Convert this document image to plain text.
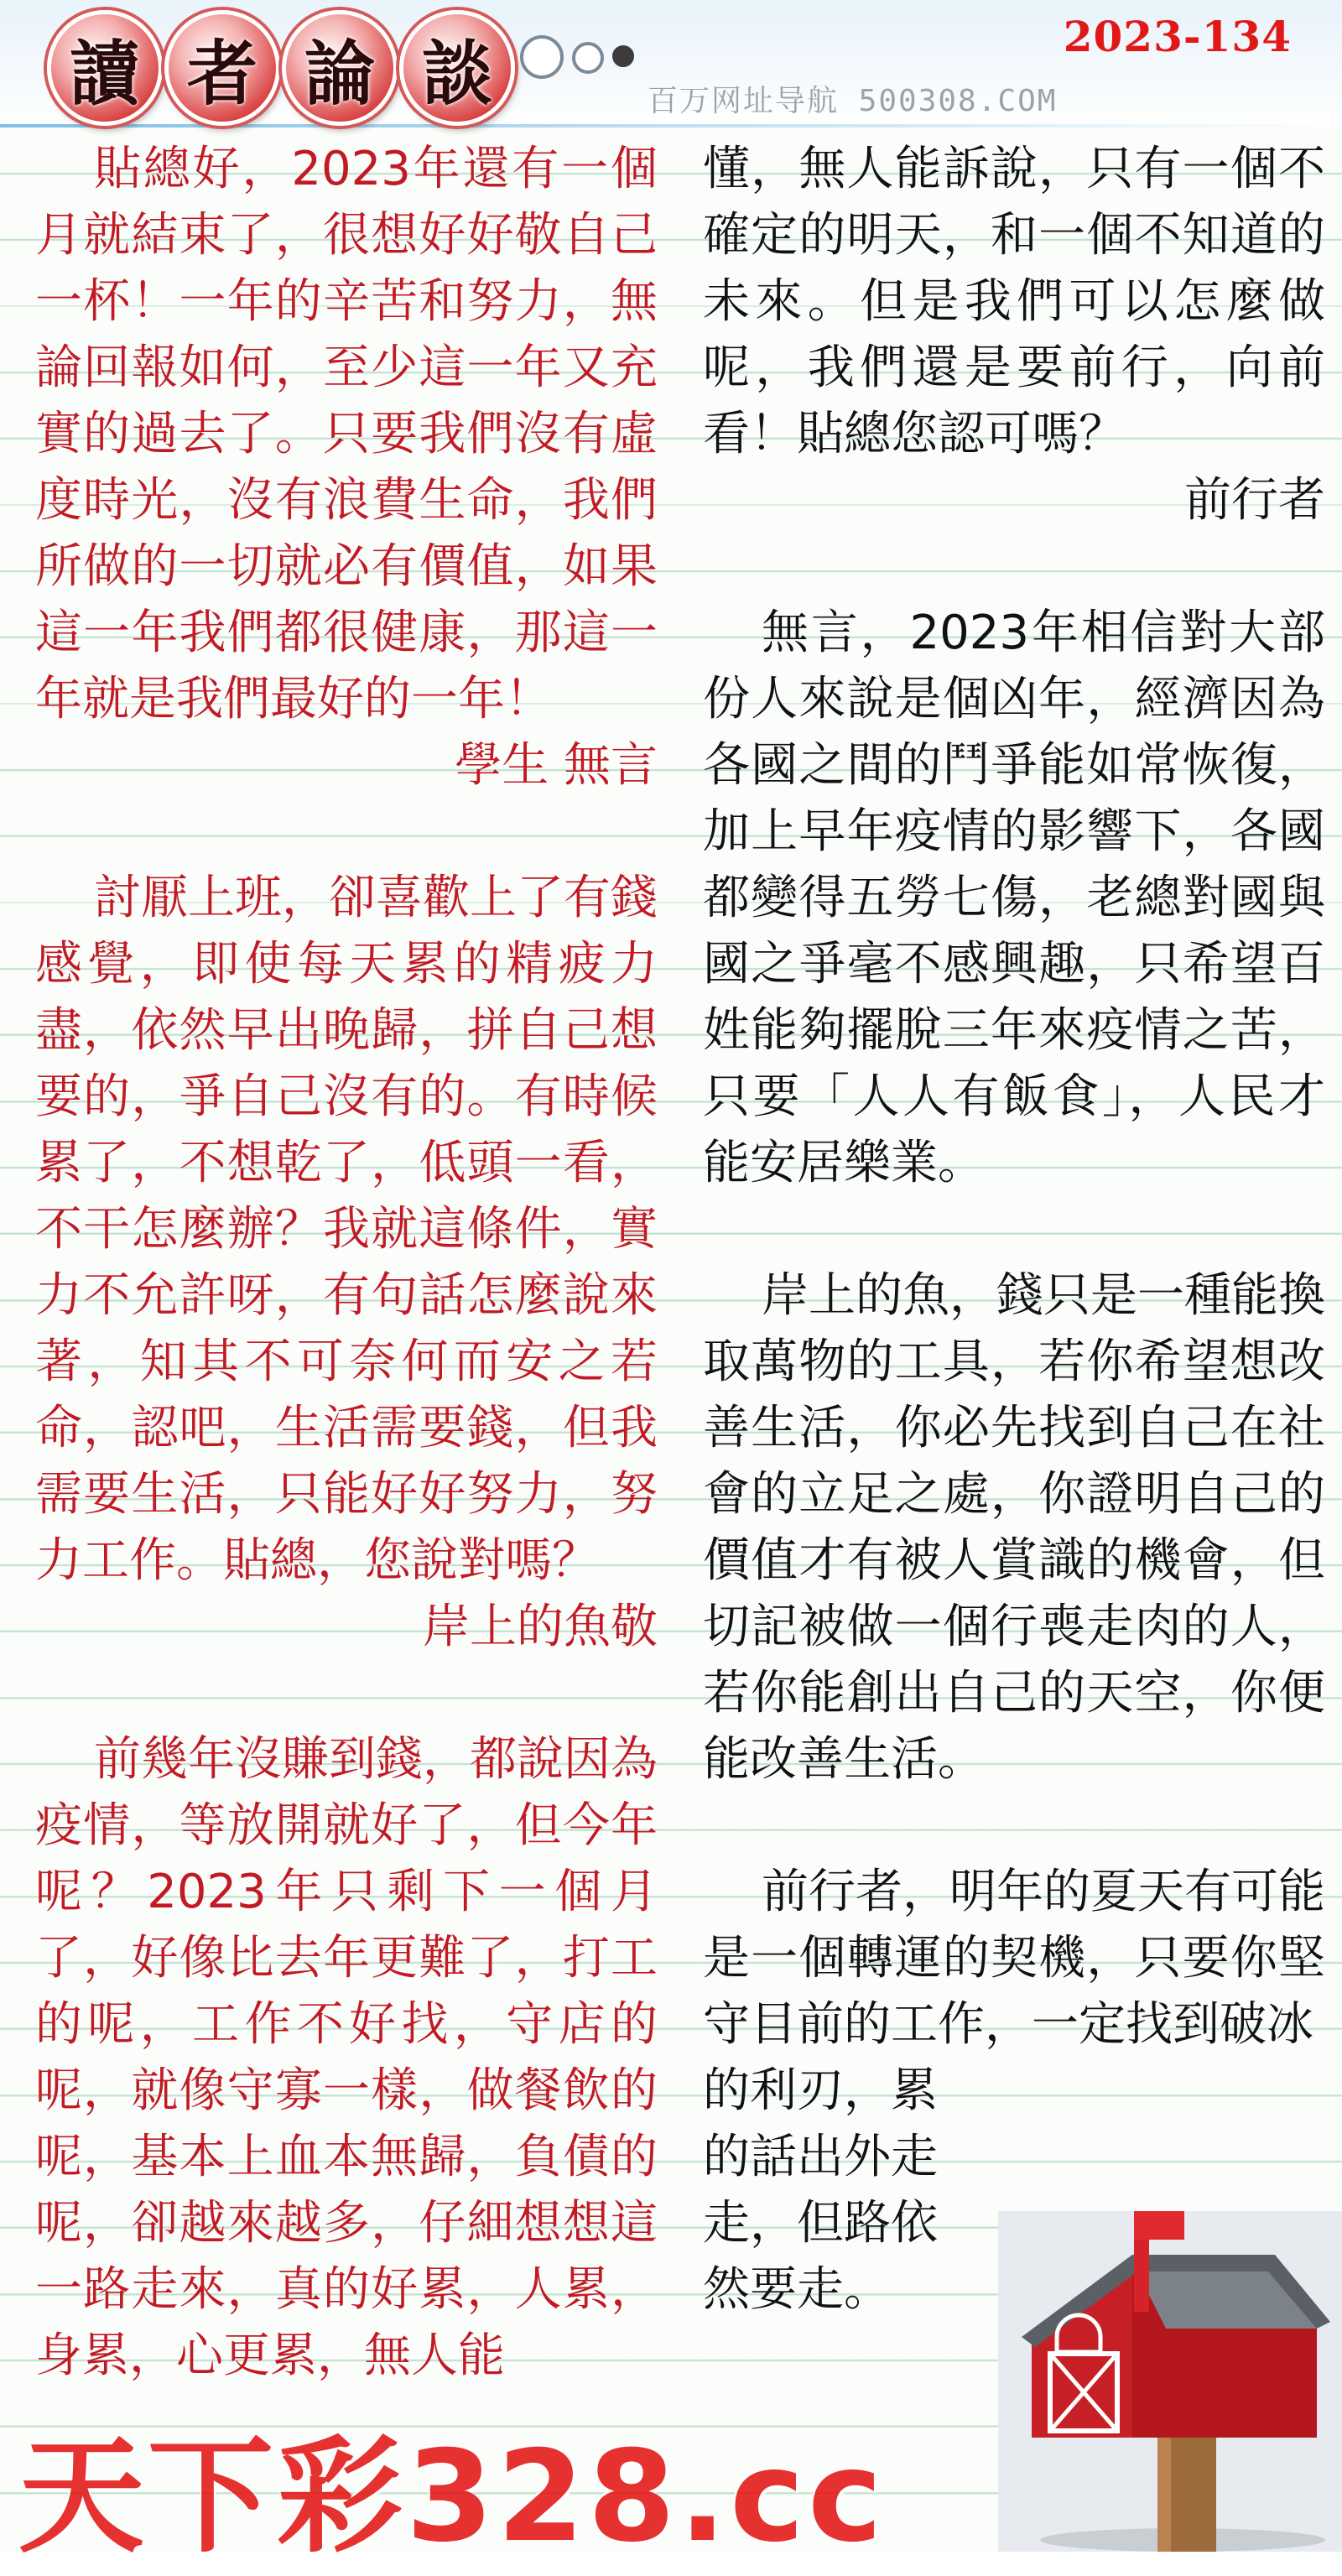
讀 者 論 談	2023-134
百万网址导航 500308.COM

貼總好，2023年還有一個月就結束了，很想好好敬自己一杯！一年的辛苦和努力，無論回報如何，至少這一年又充實的過去了。只要我們沒有虛度時光，沒有浪費生命，我們所做的一切就必有價值，如果這一年我們都很健康，那這一年就是我們最好的一年！

學生 無言

討厭上班，卻喜歡上了有錢感覺，即使每天累的精疲力盡，依然早出晚歸，拼自己想要的，爭自己沒有的。有時候累了，不想乾了，低頭一看，不干怎麼辦？我就這條件，實力不允許呀，有句話怎麼說來著，知其不可奈何而安之若命，認吧，生活需要錢，但我需要生活，只能好好努力，努力工作。貼總，您說對嗎？

岸上的魚敬

前幾年沒賺到錢，都說因為疫情，等放開就好了，但今年呢？2023年只剩下一個月了，好像比去年更難了，打工的呢，工作不好找，守店的呢，就像守寡一樣，做餐飲的呢，基本上血本無歸，負債的呢，卻越來越多，仔細想想這一路走來，真的好累，人累，身累，心更累，無人能

懂，無人能訴說，只有一個不確定的明天，和一個不知道的未來。但是我們可以怎麼做呢，我們還是要前行，向前看！貼總您認可嗎？

前行者

無言，2023年相信對大部份人來說是個凶年，經濟因為各國之間的鬥爭能如常恢復，加上早年疫情的影響下，各國都變得五勞七傷，老總對國與國之爭毫不感興趣，只希望百姓能夠擺脫三年來疫情之苦，只要「人人有飯食」，人民才能安居樂業。

岸上的魚，錢只是一種能換取萬物的工具，若你希望想改善生活，你必先找到自己在社會的立足之處，你證明自己的價值才有被人賞識的機會，但切記被做一個行喪走肉的人，若你能創出自己的天空，你便能改善生活。

前行者，明年的夏天有可能是一個轉運的契機，只要你堅守目前的工作，一定找到破冰

的利刃，累

的話出外走

走，但路依

然要走。

天下彩328.cc
